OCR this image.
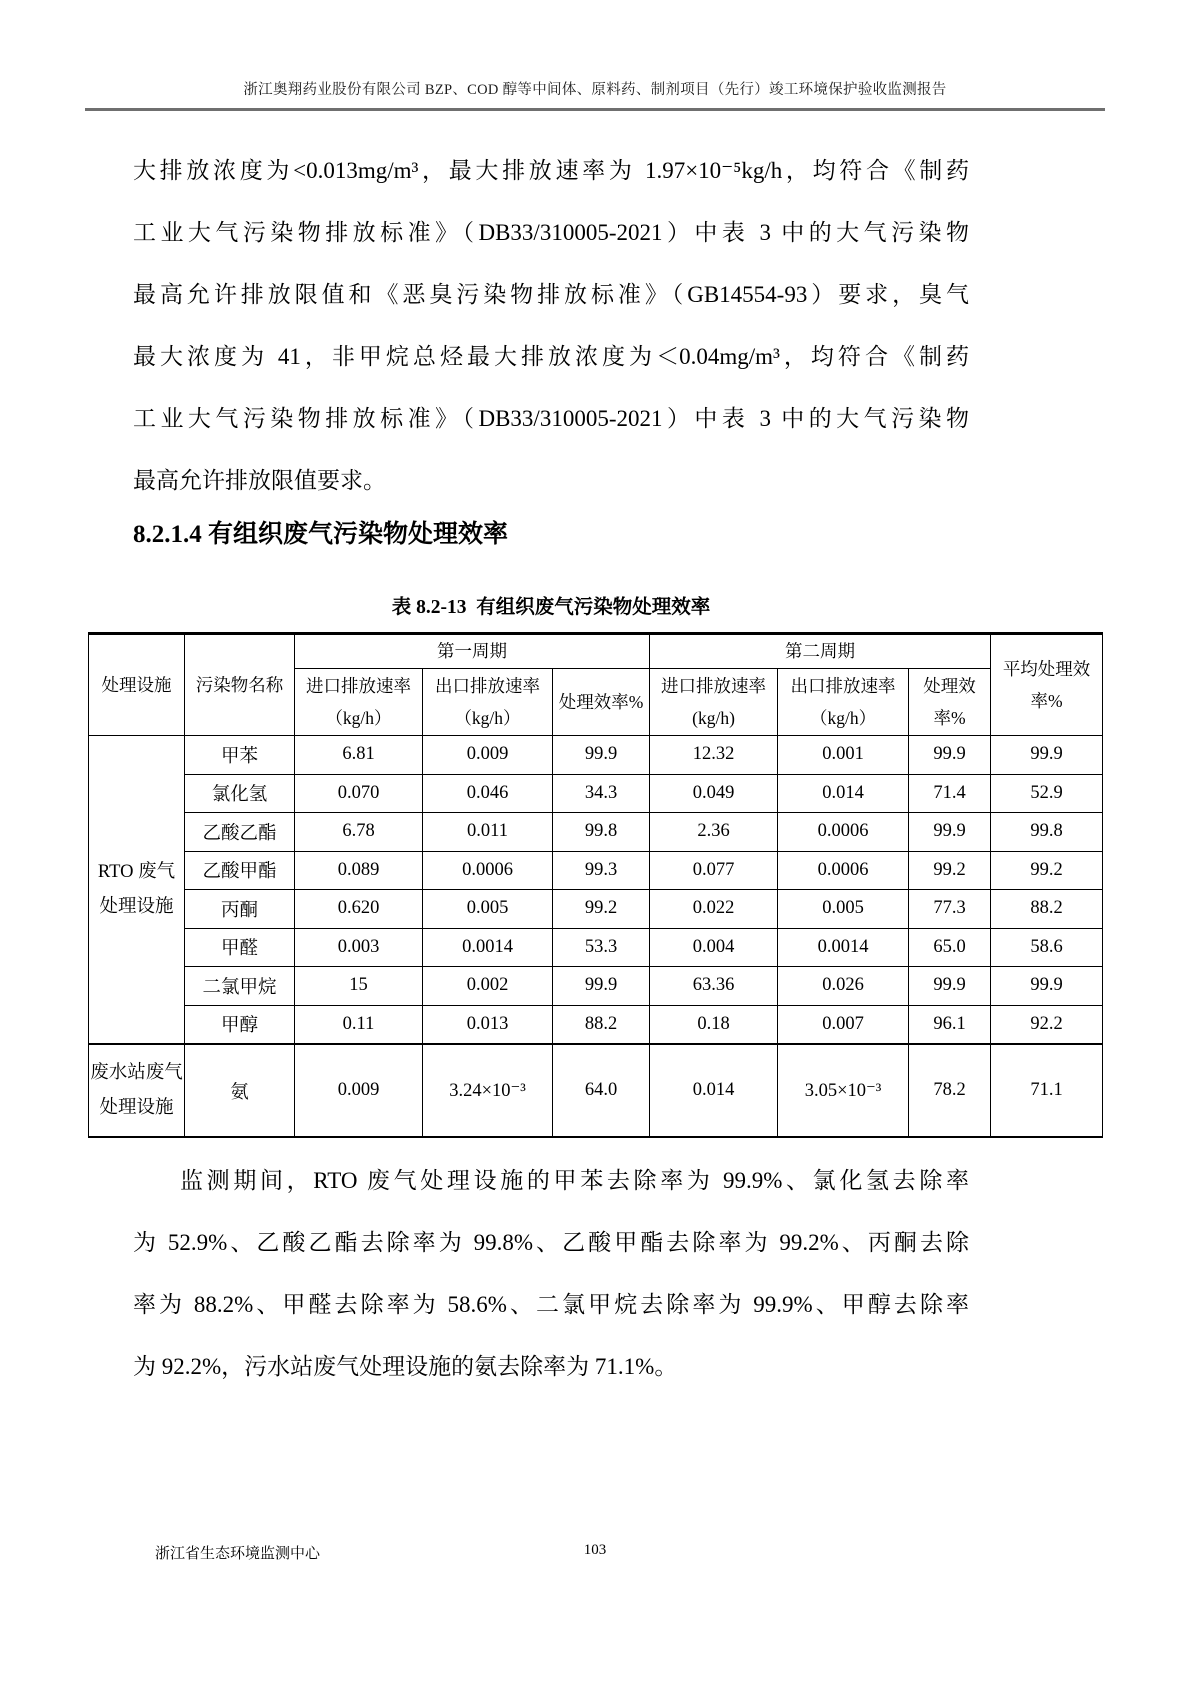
浙江奥翔药业股份有限公司 BZP、COD 醇等中间体、原料药、制剂项目（先行）竣工环境保护验收监测报告
大排放浓度为<0.013mg/m³，最大排放速率为 1.97×10⁻⁵kg/h，均符合《制药
工业大气污染物排放标准》（DB33/310005-2021）中表 3 中的大气污染物
最高允许排放限值和《恶臭污染物排放标准》（GB14554-93）要求，臭气
最大浓度为 41，非甲烷总烃最大排放浓度为＜0.04mg/m³，均符合《制药
工业大气污染物排放标准》（DB33/310005-2021）中表 3 中的大气污染物
最高允许排放限值要求。
8.2.1.4 有组织废气污染物处理效率
表 8.2-13  有组织废气污染物处理效率
处理设施	污染物名称	第一周期			第二周期			平均处理效率%
		进口排放速率（kg/h）	出口排放速率（kg/h）	处理效率%	进口排放速率(kg/h)	出口排放速率（kg/h）	处理效率%	
RTO 废气处理设施	甲苯	6.81	0.009	99.9	12.32	0.001	99.9	99.9
	氯化氢	0.070	0.046	34.3	0.049	0.014	71.4	52.9
	乙酸乙酯	6.78	0.011	99.8	2.36	0.0006	99.9	99.8
	乙酸甲酯	0.089	0.0006	99.3	0.077	0.0006	99.2	99.2
	丙酮	0.620	0.005	99.2	0.022	0.005	77.3	88.2
	甲醛	0.003	0.0014	53.3	0.004	0.0014	65.0	58.6
	二氯甲烷	15	0.002	99.9	63.36	0.026	99.9	99.9
	甲醇	0.11	0.013	88.2	0.18	0.007	96.1	92.2
废水站废气处理设施	氨	0.009	3.24×10⁻³	64.0	0.014	3.05×10⁻³	78.2	71.1
监测期间，RTO 废气处理设施的甲苯去除率为 99.9%、氯化氢去除率
为 52.9%、乙酸乙酯去除率为 99.8%、乙酸甲酯去除率为 99.2%、丙酮去除
率为 88.2%、甲醛去除率为 58.6%、二氯甲烷去除率为 99.9%、甲醇去除率
为 92.2%，污水站废气处理设施的氨去除率为 71.1%。
103
浙江省生态环境监测中心
